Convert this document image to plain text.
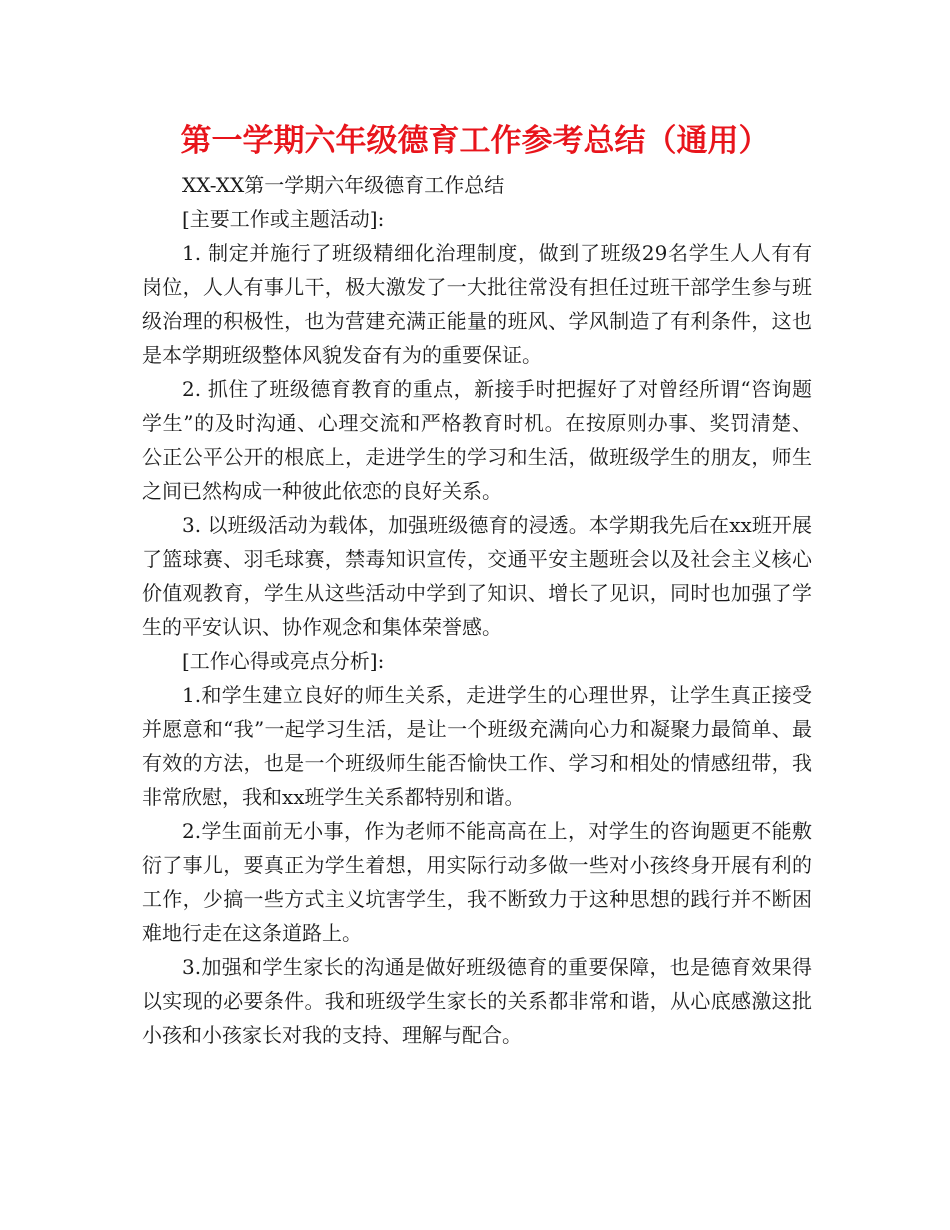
第一学期六年级德育工作参考总结（通用）

XX-XX第一学期六年级德育工作总结

[主要工作或主题活动]:

1. 制定并施行了班级精细化治理制度，做到了班级29名学生人人有有岗位，人人有事儿干，极大激发了一大批往常没有担任过班干部学生参与班级治理的积极性，也为营建充满正能量的班风、学风制造了有利条件，这也是本学期班级整体风貌发奋有为的重要保证。

2. 抓住了班级德育教育的重点，新接手时把握好了对曾经所谓“咨询题学生”的及时沟通、心理交流和严格教育时机。在按原则办事、奖罚清楚、公正公平公开的根底上，走进学生的学习和生活，做班级学生的朋友，师生之间已然构成一种彼此依恋的良好关系。

3. 以班级活动为载体，加强班级德育的浸透。本学期我先后在xx班开展了篮球赛、羽毛球赛，禁毒知识宣传，交通平安主题班会以及社会主义核心价值观教育，学生从这些活动中学到了知识、增长了见识，同时也加强了学生的平安认识、协作观念和集体荣誉感。

[工作心得或亮点分析]:

1.和学生建立良好的师生关系，走进学生的心理世界，让学生真正接受并愿意和“我”一起学习生活，是让一个班级充满向心力和凝聚力最简单、最有效的方法，也是一个班级师生能否愉快工作、学习和相处的情感纽带，我非常欣慰，我和xx班学生关系都特别和谐。

2.学生面前无小事，作为老师不能高高在上，对学生的咨询题更不能敷衍了事儿，要真正为学生着想，用实际行动多做一些对小孩终身开展有利的工作，少搞一些方式主义坑害学生，我不断致力于这种思想的践行并不断困难地行走在这条道路上。

3.加强和学生家长的沟通是做好班级德育的重要保障，也是德育效果得以实现的必要条件。我和班级学生家长的关系都非常和谐，从心底感激这批小孩和小孩家长对我的支持、理解与配合。
